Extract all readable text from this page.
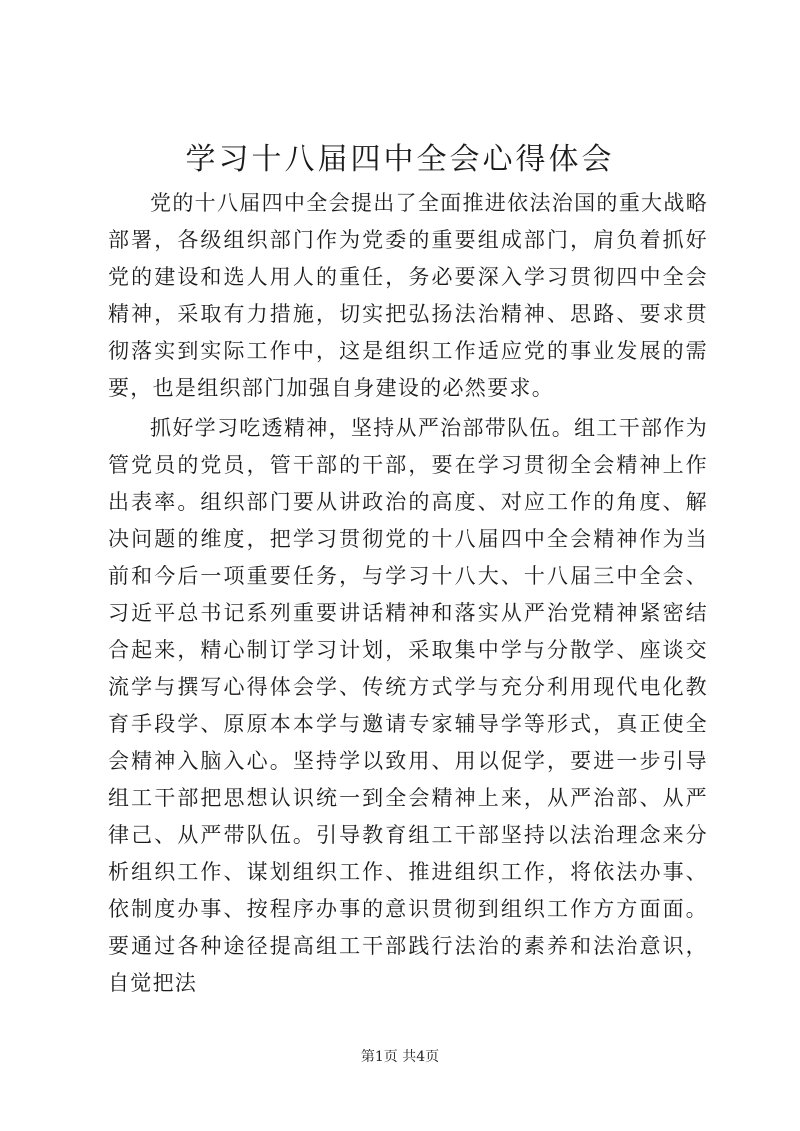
学习十八届四中全会心得体会

党的十八届四中全会提出了全面推进依法治国的重大战略部署，各级组织部门作为党委的重要组成部门，肩负着抓好党的建设和选人用人的重任，务必要深入学习贯彻四中全会精神，采取有力措施，切实把弘扬法治精神、思路、要求贯彻落实到实际工作中，这是组织工作适应党的事业发展的需要，也是组织部门加强自身建设的必然要求。

抓好学习吃透精神，坚持从严治部带队伍。组工干部作为管党员的党员，管干部的干部，要在学习贯彻全会精神上作出表率。组织部门要从讲政治的高度、对应工作的角度、解决问题的维度，把学习贯彻党的十八届四中全会精神作为当前和今后一项重要任务，与学习十八大、十八届三中全会、习近平总书记系列重要讲话精神和落实从严治党精神紧密结合起来，精心制订学习计划，采取集中学与分散学、座谈交流学与撰写心得体会学、传统方式学与充分利用现代电化教育手段学、原原本本学与邀请专家辅导学等形式，真正使全会精神入脑入心。坚持学以致用、用以促学，要进一步引导组工干部把思想认识统一到全会精神上来，从严治部、从严律己、从严带队伍。引导教育组工干部坚持以法治理念来分析组织工作、谋划组织工作、推进组织工作，将依法办事、依制度办事、按程序办事的意识贯彻到组织工作方方面面。要通过各种途径提高组工干部践行法治的素养和法治意识，自觉把法

第1页 共4页
